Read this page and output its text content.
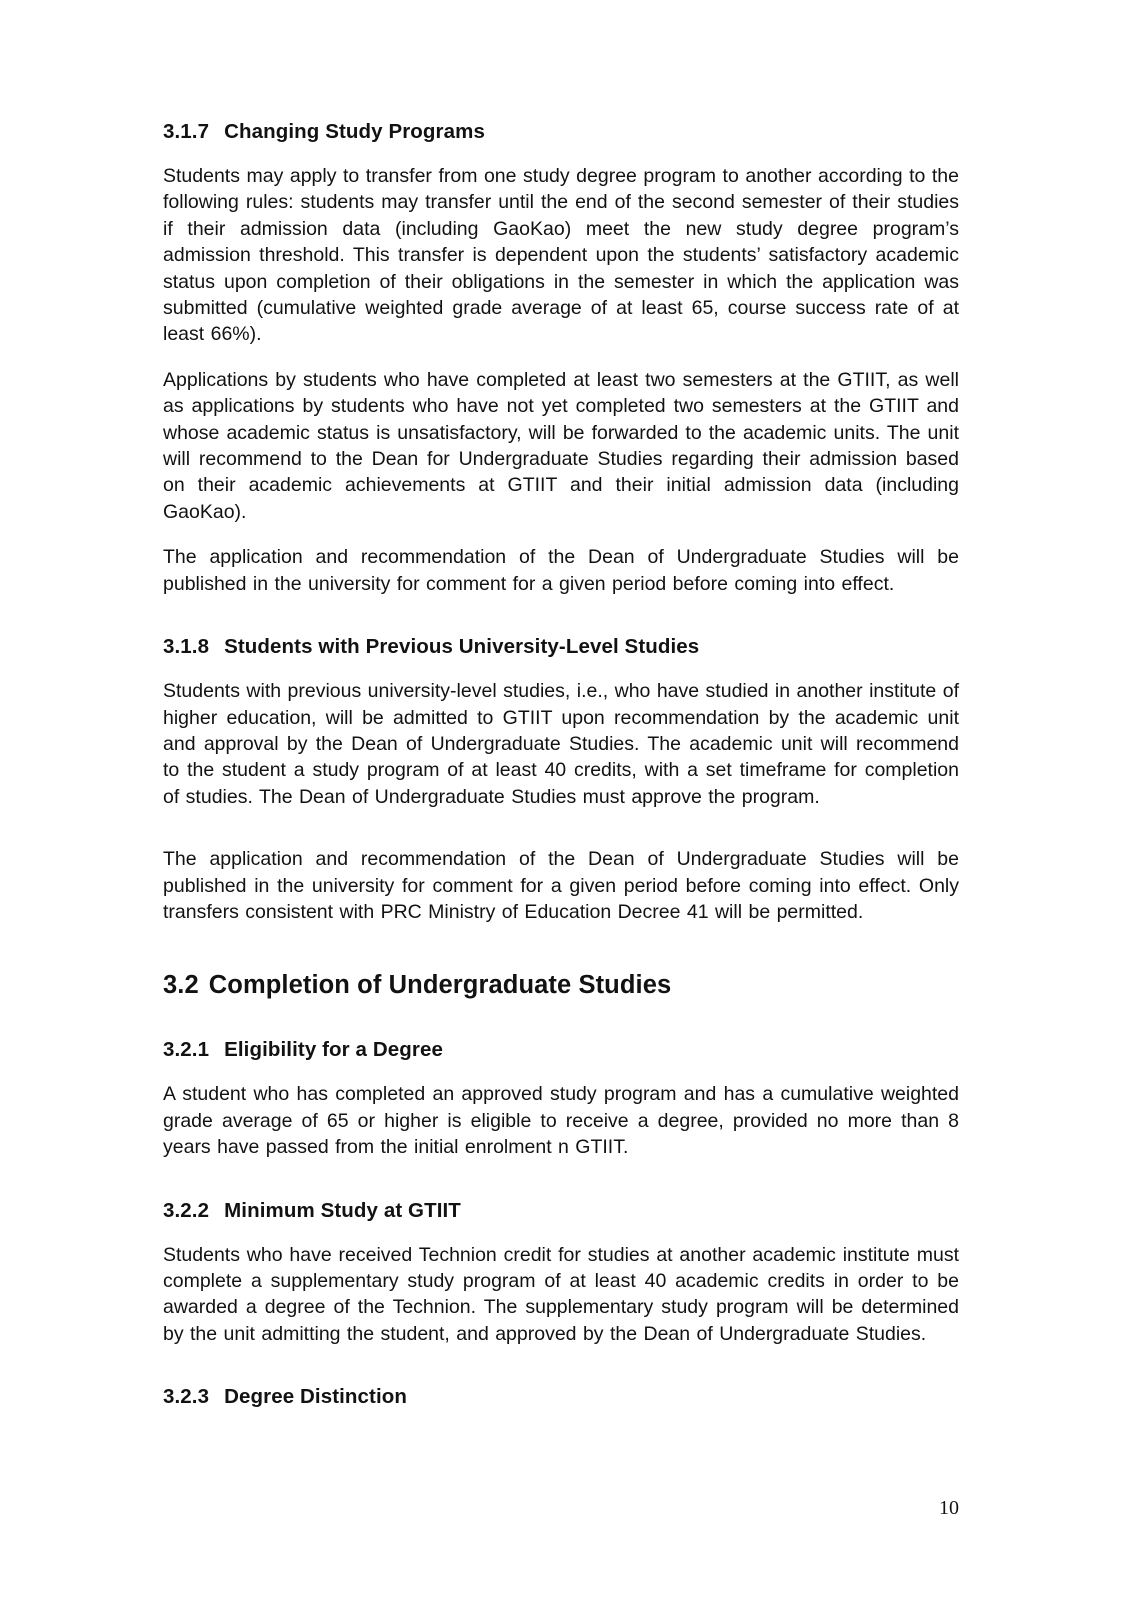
3.1.7 Changing Study Programs

Students may apply to transfer from one study degree program to another according to the following rules: students may transfer until the end of the second semester of their studies if their admission data (including GaoKao) meet the new study degree program’s admission threshold. This transfer is dependent upon the students’ satisfactory academic status upon completion of their obligations in the semester in which the application was submitted (cumulative weighted grade average of at least 65, course success rate of at least 66%).

Applications by students who have completed at least two semesters at the GTIIT, as well as applications by students who have not yet completed two semesters at the GTIIT and whose academic status is unsatisfactory, will be forwarded to the academic units. The unit will recommend to the Dean for Undergraduate Studies regarding their admission based on their academic achievements at GTIIT and their initial admission data (including GaoKao).

The application and recommendation of the Dean of Undergraduate Studies will be published in the university for comment for a given period before coming into effect.

3.1.8 Students with Previous University-Level Studies

Students with previous university-level studies, i.e., who have studied in another institute of higher education, will be admitted to GTIIT upon recommendation by the academic unit and approval by the Dean of Undergraduate Studies. The academic unit will recommend to the student a study program of at least 40 credits, with a set timeframe for completion of studies. The Dean of Undergraduate Studies must approve the program.

The application and recommendation of the Dean of Undergraduate Studies will be published in the university for comment for a given period before coming into effect. Only transfers consistent with PRC Ministry of Education Decree 41 will be permitted.

3.2 Completion of Undergraduate Studies
3.2.1 Eligibility for a Degree

A student who has completed an approved study program and has a cumulative weighted grade average of 65 or higher is eligible to receive a degree, provided no more than 8 years have passed from the initial enrolment n GTIIT.

3.2.2 Minimum Study at GTIIT

Students who have received Technion credit for studies at another academic institute must complete a supplementary study program of at least 40 academic credits in order to be awarded a degree of the Technion. The supplementary study program will be determined by the unit admitting the student, and approved by the Dean of Undergraduate Studies.

3.2.3 Degree Distinction
10
